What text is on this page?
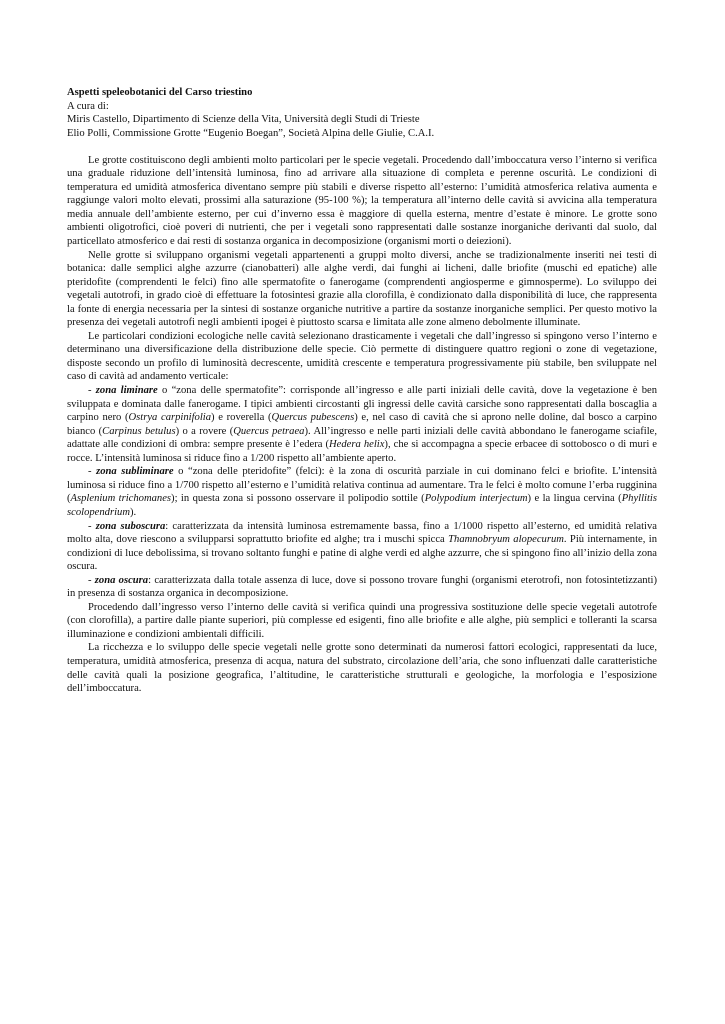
Aspetti speleobotanici del Carso triestino

A cura di:

Miris Castello, Dipartimento di Scienze della Vita, Università degli Studi di Trieste

Elio Polli, Commissione Grotte “Eugenio Boegan”, Società Alpina delle Giulie, C.A.I.

Le grotte costituiscono degli ambienti molto particolari per le specie vegetali. Procedendo dall’imboccatura verso l’interno si verifica una graduale riduzione dell’intensità luminosa, fino ad arrivare alla situazione di completa e perenne oscurità. Le condizioni di temperatura ed umidità atmosferica diventano sempre più stabili e diverse rispetto all’esterno: l’umidità atmosferica relativa aumenta e raggiunge valori molto elevati, prossimi alla saturazione (95-100 %); la temperatura all’interno delle cavità si avvicina alla temperatura media annuale dell’ambiente esterno, per cui d’inverno essa è maggiore di quella esterna, mentre d’estate è minore. Le grotte sono ambienti oligotrofici, cioè poveri di nutrienti, che per i vegetali sono rappresentati dalle sostanze inorganiche derivanti dal suolo, dal particellato atmosferico e dai resti di sostanza organica in decomposizione (organismi morti o deiezioni).

Nelle grotte si sviluppano organismi vegetali appartenenti a gruppi molto diversi, anche se tradizionalmente inseriti nei testi di botanica: dalle semplici alghe azzurre (cianobatteri) alle alghe verdi, dai funghi ai licheni, dalle briofite (muschi ed epatiche) alle pteridofite (comprendenti le felci) fino alle spermatofite o fanerogame (comprendenti angiosperme e gimnosperme). Lo sviluppo dei vegetali autotrofi, in grado cioè di effettuare la fotosintesi grazie alla clorofilla, è condizionato dalla disponibilità di luce, che rappresenta la fonte di energia necessaria per la sintesi di sostanze organiche nutritive a partire da sostanze inorganiche semplici. Per questo motivo la presenza dei vegetali autotrofi negli ambienti ipogei è piuttosto scarsa e limitata alle zone almeno debolmente illuminate.

Le particolari condizioni ecologiche nelle cavità selezionano drasticamente i vegetali che dall’ingresso si spingono verso l’interno e determinano una diversificazione della distribuzione delle specie. Ciò permette di distinguere quattro regioni o zone di vegetazione, disposte secondo un profilo di luminosità decrescente, umidità crescente e temperatura progressivamente più stabile, ben sviluppate nel caso di cavità ad andamento verticale:

- zona liminare o “zona delle spermatofite”: corrisponde all’ingresso e alle parti iniziali delle cavità, dove la vegetazione è ben sviluppata e dominata dalle fanerogame. I tipici ambienti circostanti gli ingressi delle cavità carsiche sono rappresentati dalla boscaglia a carpino nero (Ostrya carpinifolia) e roverella (Quercus pubescens) e, nel caso di cavità che si aprono nelle doline, dal bosco a carpino bianco (Carpinus betulus) o a rovere (Quercus petraea). All’ingresso e nelle parti iniziali delle cavità abbondano le fanerogame sciafile, adattate alle condizioni di ombra: sempre presente è l’edera (Hedera helix), che si accompagna a specie erbacee di sottobosco o di muri e rocce. L’intensità luminosa si riduce fino a 1/200 rispetto all’ambiente aperto.

- zona subliminare o “zona delle pteridofite” (felci): è la zona di oscurità parziale in cui dominano felci e briofite. L’intensità luminosa si riduce fino a 1/700 rispetto all’esterno e l’umidità relativa continua ad aumentare. Tra le felci è molto comune l’erba rugginina (Asplenium trichomanes); in questa zona si possono osservare il polipodio sottile (Polypodium interjectum) e la lingua cervina (Phyllitis scolopendrium).

- zona suboscura: caratterizzata da intensità luminosa estremamente bassa, fino a 1/1000 rispetto all’esterno, ed umidità relativa molto alta, dove riescono a svilupparsi soprattutto briofite ed alghe; tra i muschi spicca Thamnobryum alopecurum. Più internamente, in condizioni di luce debolissima, si trovano soltanto funghi e patine di alghe verdi ed alghe azzurre, che si spingono fino all’inizio della zona oscura.

- zona oscura: caratterizzata dalla totale assenza di luce, dove si possono trovare funghi (organismi eterotrofi, non fotosintetizzanti) in presenza di sostanza organica in decomposizione.

Procedendo dall’ingresso verso l’interno delle cavità si verifica quindi una progressiva sostituzione delle specie vegetali autotrofe (con clorofilla), a partire dalle piante superiori, più complesse ed esigenti, fino alle briofite e alle alghe, più semplici e tolleranti la scarsa illuminazione e condizioni ambientali difficili.

La ricchezza e lo sviluppo delle specie vegetali nelle grotte sono determinati da numerosi fattori ecologici, rappresentati da luce, temperatura, umidità atmosferica, presenza di acqua, natura del substrato, circolazione dell’aria, che sono influenzati dalle caratteristiche delle cavità quali la posizione geografica, l’altitudine, le caratteristiche strutturali e geologiche, la morfologia e l’esposizione dell’imboccatura.
